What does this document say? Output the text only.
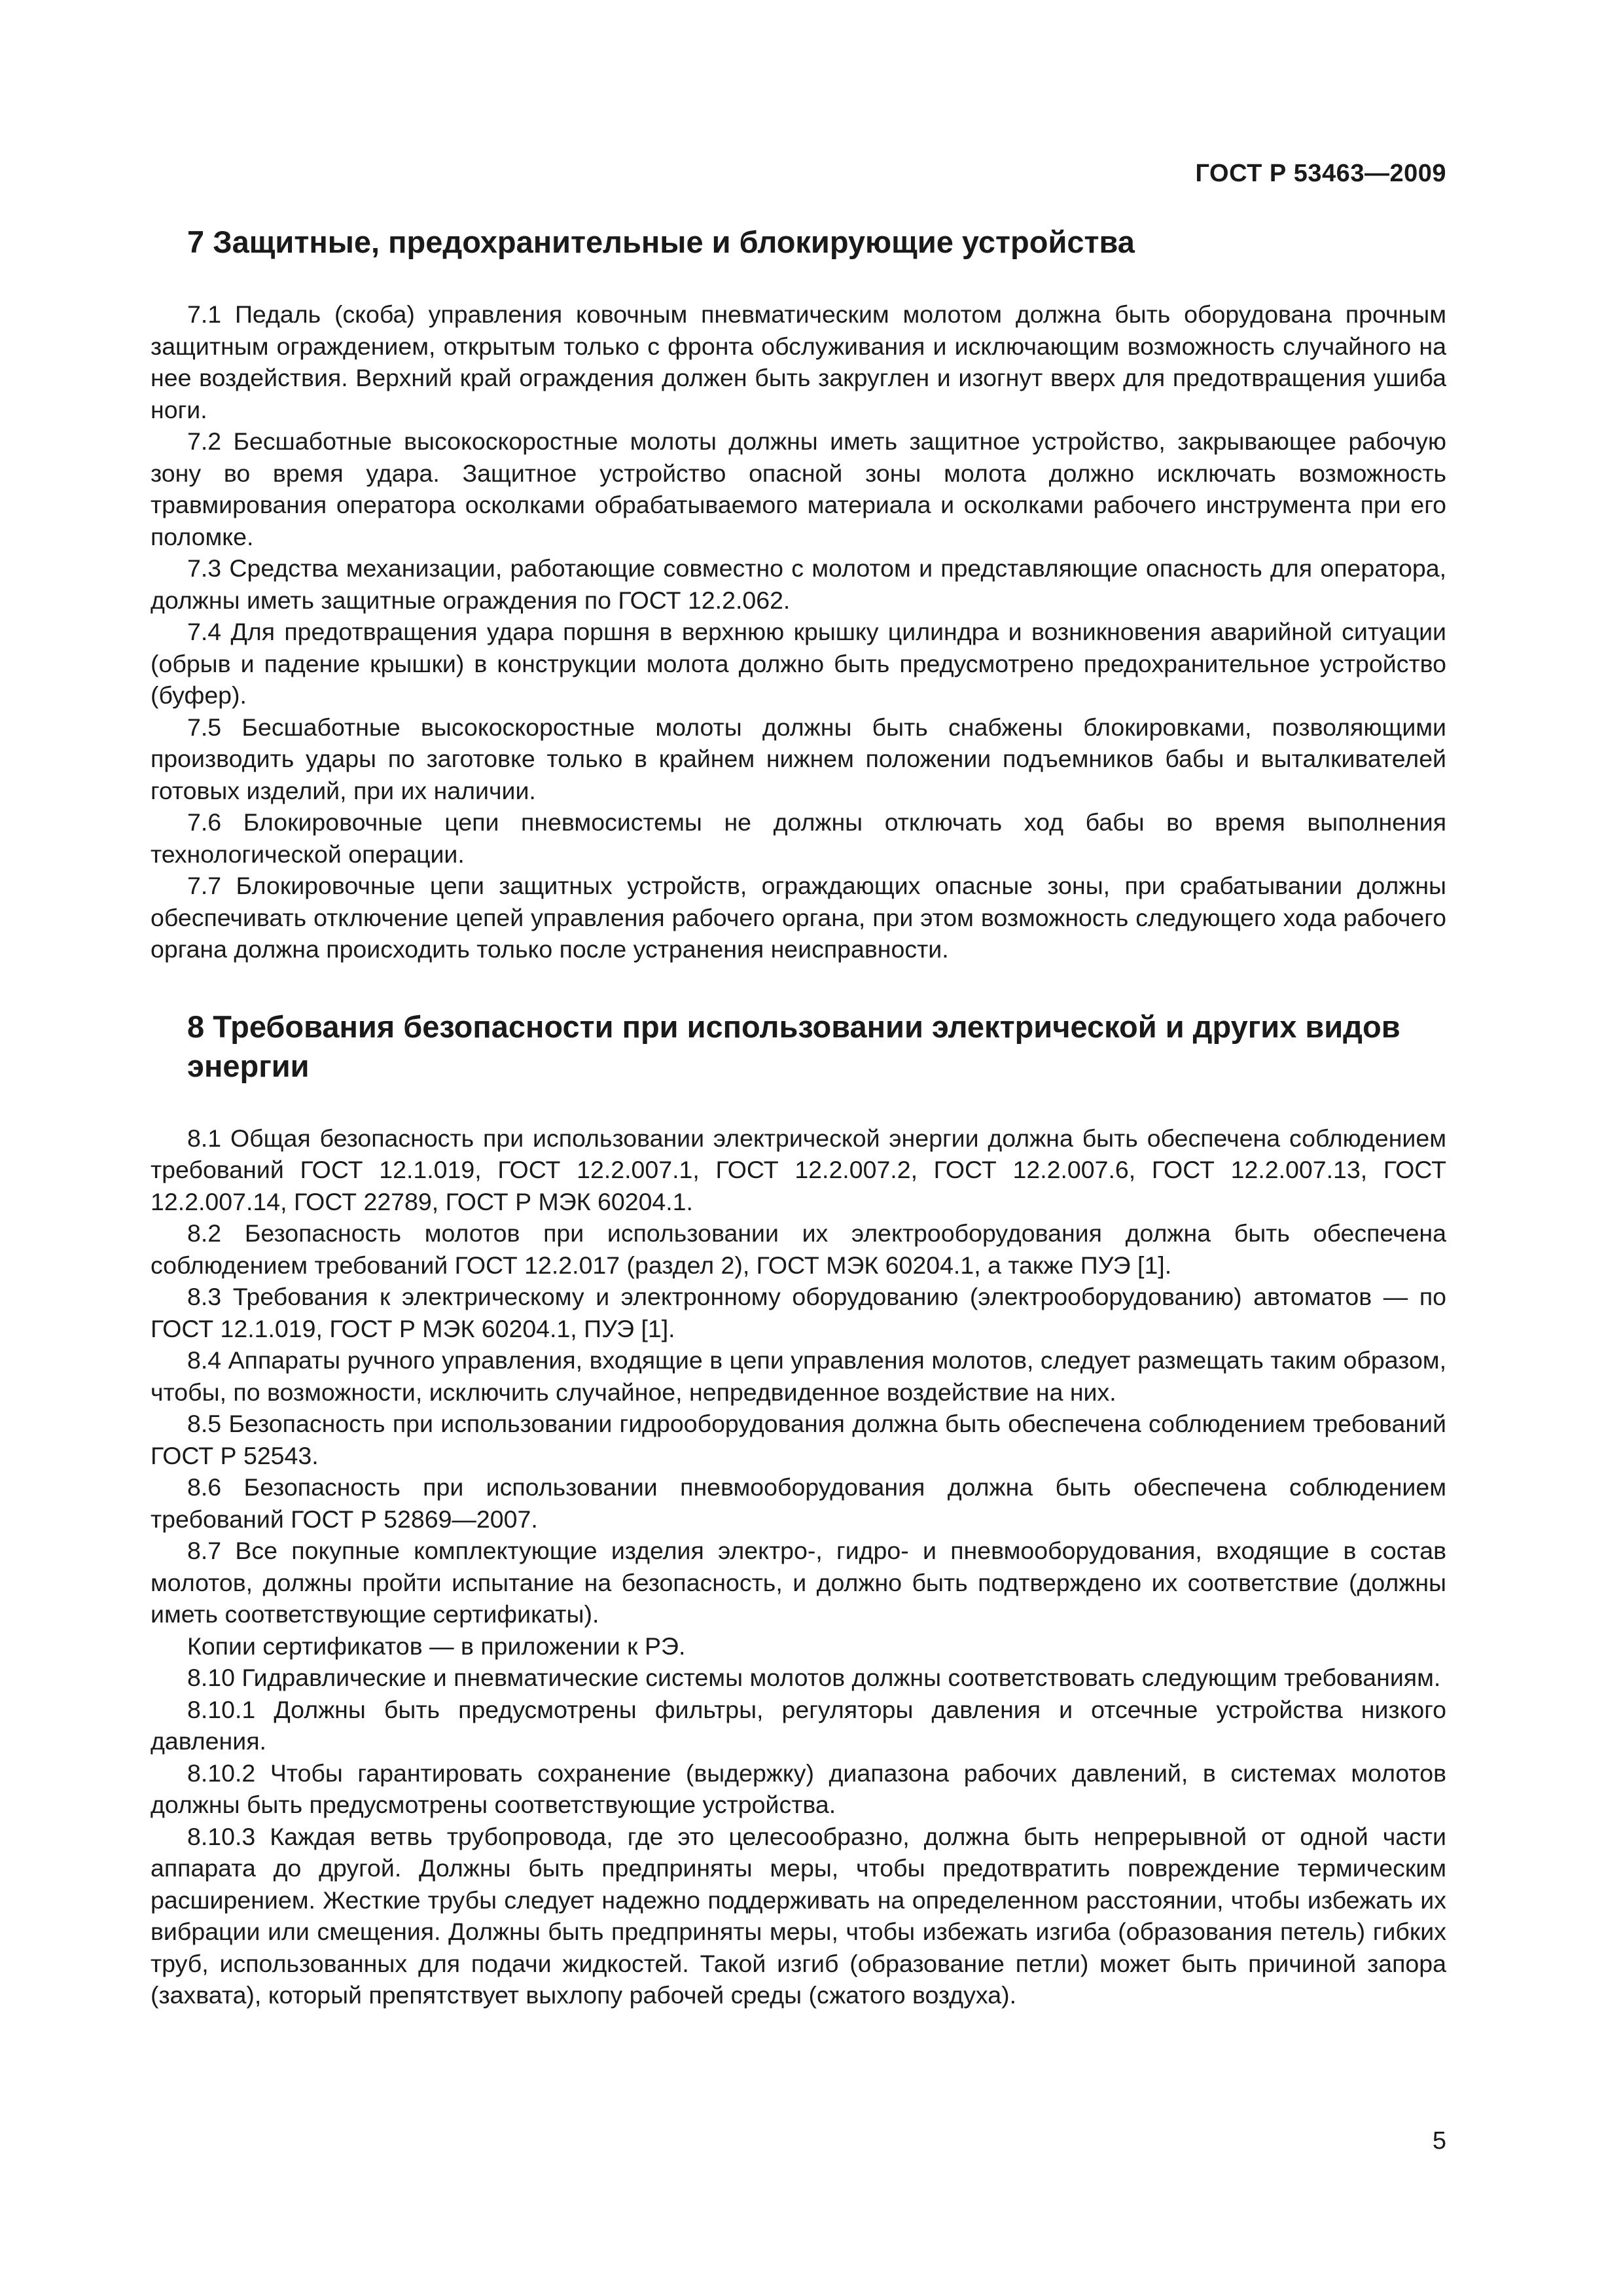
ГОСТ Р 53463—2009
7 Защитные, предохранительные и блокирующие устройства

7.1 Педаль (скоба) управления ковочным пневматическим молотом должна быть оборудована прочным защитным ограждением, открытым только с фронта обслуживания и исключающим возможность случайного на нее воздействия. Верхний край ограждения должен быть закруглен и изогнут вверх для предотвращения ушиба ноги.

7.2 Бесшаботные высокоскоростные молоты должны иметь защитное устройство, закрывающее рабочую зону во время удара. Защитное устройство опасной зоны молота должно исключать возможность травмирования оператора осколками обрабатываемого материала и осколками рабочего инструмента при его поломке.

7.3 Средства механизации, работающие совместно с молотом и представляющие опасность для оператора, должны иметь защитные ограждения по ГОСТ 12.2.062.

7.4 Для предотвращения удара поршня в верхнюю крышку цилиндра и возникновения аварийной ситуации (обрыв и падение крышки) в конструкции молота должно быть предусмотрено предохранительное устройство (буфер).

7.5 Бесшаботные высокоскоростные молоты должны быть снабжены блокировками, позволяющими производить удары по заготовке только в крайнем нижнем положении подъемников бабы и выталкивателей готовых изделий, при их наличии.

7.6 Блокировочные цепи пневмосистемы не должны отключать ход бабы во время выполнения технологической операции.

7.7 Блокировочные цепи защитных устройств, ограждающих опасные зоны, при срабатывании должны обеспечивать отключение цепей управления рабочего органа, при этом возможность следующего хода рабочего органа должна происходить только после устранения неисправности.

8 Требования безопасности при использовании электрической и других видов энергии

8.1 Общая безопасность при использовании электрической энергии должна быть обеспечена соблюдением требований ГОСТ 12.1.019, ГОСТ 12.2.007.1, ГОСТ 12.2.007.2, ГОСТ 12.2.007.6, ГОСТ 12.2.007.13, ГОСТ 12.2.007.14, ГОСТ 22789, ГОСТ Р МЭК 60204.1.

8.2 Безопасность молотов при использовании их электрооборудования должна быть обеспечена соблюдением требований ГОСТ 12.2.017 (раздел 2), ГОСТ МЭК 60204.1, а также ПУЭ [1].

8.3 Требования к электрическому и электронному оборудованию (электрооборудованию) автоматов — по ГОСТ 12.1.019, ГОСТ Р МЭК 60204.1, ПУЭ [1].

8.4 Аппараты ручного управления, входящие в цепи управления молотов, следует размещать таким образом, чтобы, по возможности, исключить случайное, непредвиденное воздействие на них.

8.5 Безопасность при использовании гидрооборудования должна быть обеспечена соблюдением требований ГОСТ Р 52543.

8.6 Безопасность при использовании пневмооборудования должна быть обеспечена соблюдением требований ГОСТ Р 52869—2007.

8.7 Все покупные комплектующие изделия электро-, гидро- и пневмооборудования, входящие в состав молотов, должны пройти испытание на безопасность, и должно быть подтверждено их соответствие (должны иметь соответствующие сертификаты).

Копии сертификатов — в приложении к РЭ.

8.10 Гидравлические и пневматические системы молотов должны соответствовать следующим требованиям.

8.10.1 Должны быть предусмотрены фильтры, регуляторы давления и отсечные устройства низкого давления.

8.10.2 Чтобы гарантировать сохранение (выдержку) диапазона рабочих давлений, в системах молотов должны быть предусмотрены соответствующие устройства.

8.10.3 Каждая ветвь трубопровода, где это целесообразно, должна быть непрерывной от одной части аппарата до другой. Должны быть предприняты меры, чтобы предотвратить повреждение термическим расширением. Жесткие трубы следует надежно поддерживать на определенном расстоянии, чтобы избежать их вибрации или смещения. Должны быть предприняты меры, чтобы избежать изгиба (образования петель) гибких труб, использованных для подачи жидкостей. Такой изгиб (образование петли) может быть причиной запора (захвата), который препятствует выхлопу рабочей среды (сжатого воздуха).

5
